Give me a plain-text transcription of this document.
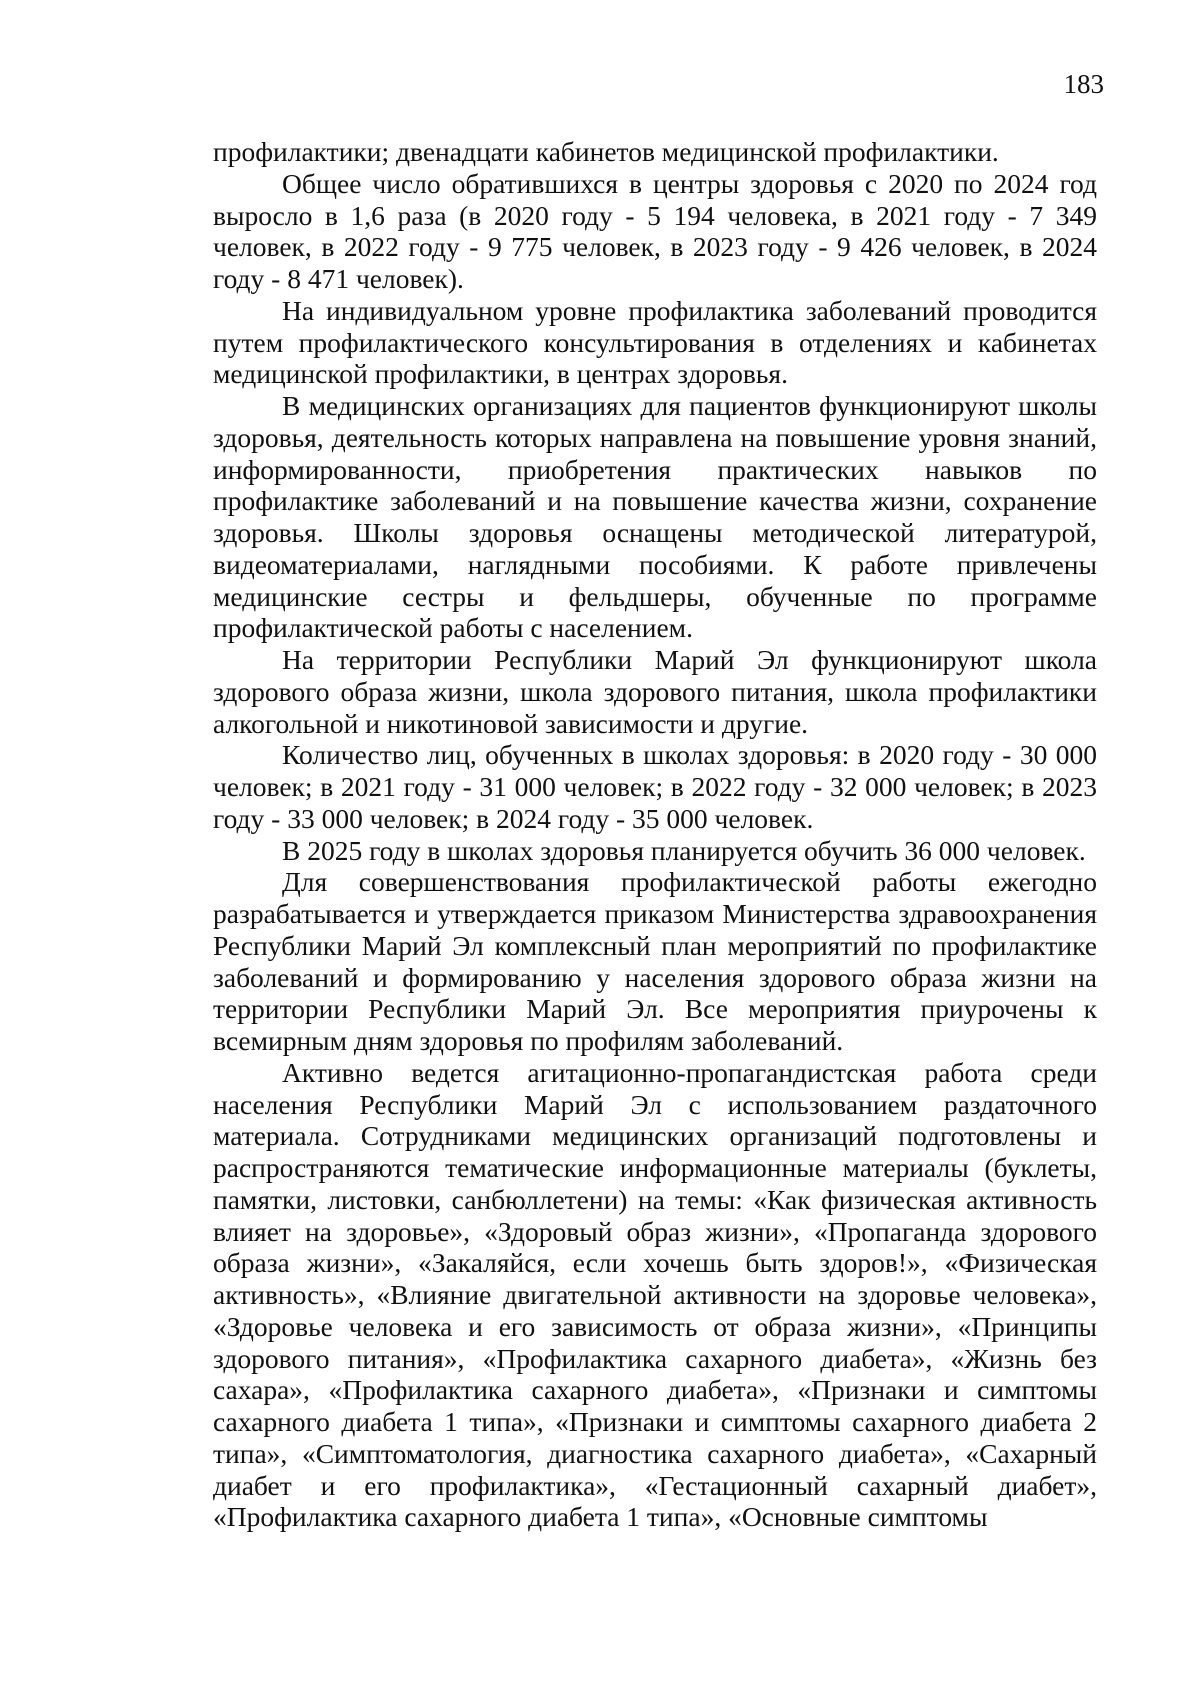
183

профилактики; двенадцати кабинетов медицинской профилактики.

Общее число обратившихся в центры здоровья с 2020 по 2024 год выросло в 1,6 раза (в 2020 году - 5 194 человека, в 2021 году - 7 349 человек, в 2022 году - 9 775 человек, в 2023 году - 9 426 человек, в 2024 году - 8 471 человек).

На индивидуальном уровне профилактика заболеваний проводится путем профилактического консультирования в отделениях и кабинетах медицинской профилактики, в центрах здоровья.

В медицинских организациях для пациентов функционируют школы здоровья, деятельность которых направлена на повышение уровня знаний, информированности, приобретения практических навыков по профилактике заболеваний и на повышение качества жизни, сохранение здоровья. Школы здоровья оснащены методической литературой, видеоматериалами, наглядными пособиями. К работе привлечены медицинские сестры и фельдшеры, обученные по программе профилактической работы с населением.

На территории Республики Марий Эл функционируют школа здорового образа жизни, школа здорового питания, школа профилактики алкогольной и никотиновой зависимости и другие.

Количество лиц, обученных в школах здоровья: в 2020 году - 30 000 человек; в 2021 году - 31 000 человек; в 2022 году - 32 000 человек; в 2023 году - 33 000 человек; в 2024 году - 35 000 человек.

В 2025 году в школах здоровья планируется обучить 36 000 человек.

Для совершенствования профилактической работы ежегодно разрабатывается и утверждается приказом Министерства здравоохранения Республики Марий Эл комплексный план мероприятий по профилактике заболеваний и формированию у населения здорового образа жизни на территории Республики Марий Эл. Все мероприятия приурочены к всемирным дням здоровья по профилям заболеваний.

Активно ведется агитационно-пропагандистская работа среди населения Республики Марий Эл с использованием раздаточного материала. Сотрудниками медицинских организаций подготовлены и распространяются тематические информационные материалы (буклеты, памятки, листовки, санбюллетени) на темы: «Как физическая активность влияет на здоровье», «Здоровый образ жизни», «Пропаганда здорового образа жизни», «Закаляйся, если хочешь быть здоров!», «Физическая активность», «Влияние двигательной активности на здоровье человека», «Здоровье человека и его зависимость от образа жизни», «Принципы здорового питания», «Профилактика сахарного диабета», «Жизнь без сахара», «Профилактика сахарного диабета», «Признаки и симптомы сахарного диабета 1 типа», «Признаки и симптомы сахарного диабета 2 типа», «Симптоматология, диагностика сахарного диабета», «Сахарный диабет и его профилактика», «Гестационный сахарный диабет», «Профилактика сахарного диабета 1 типа», «Основные симптомы
